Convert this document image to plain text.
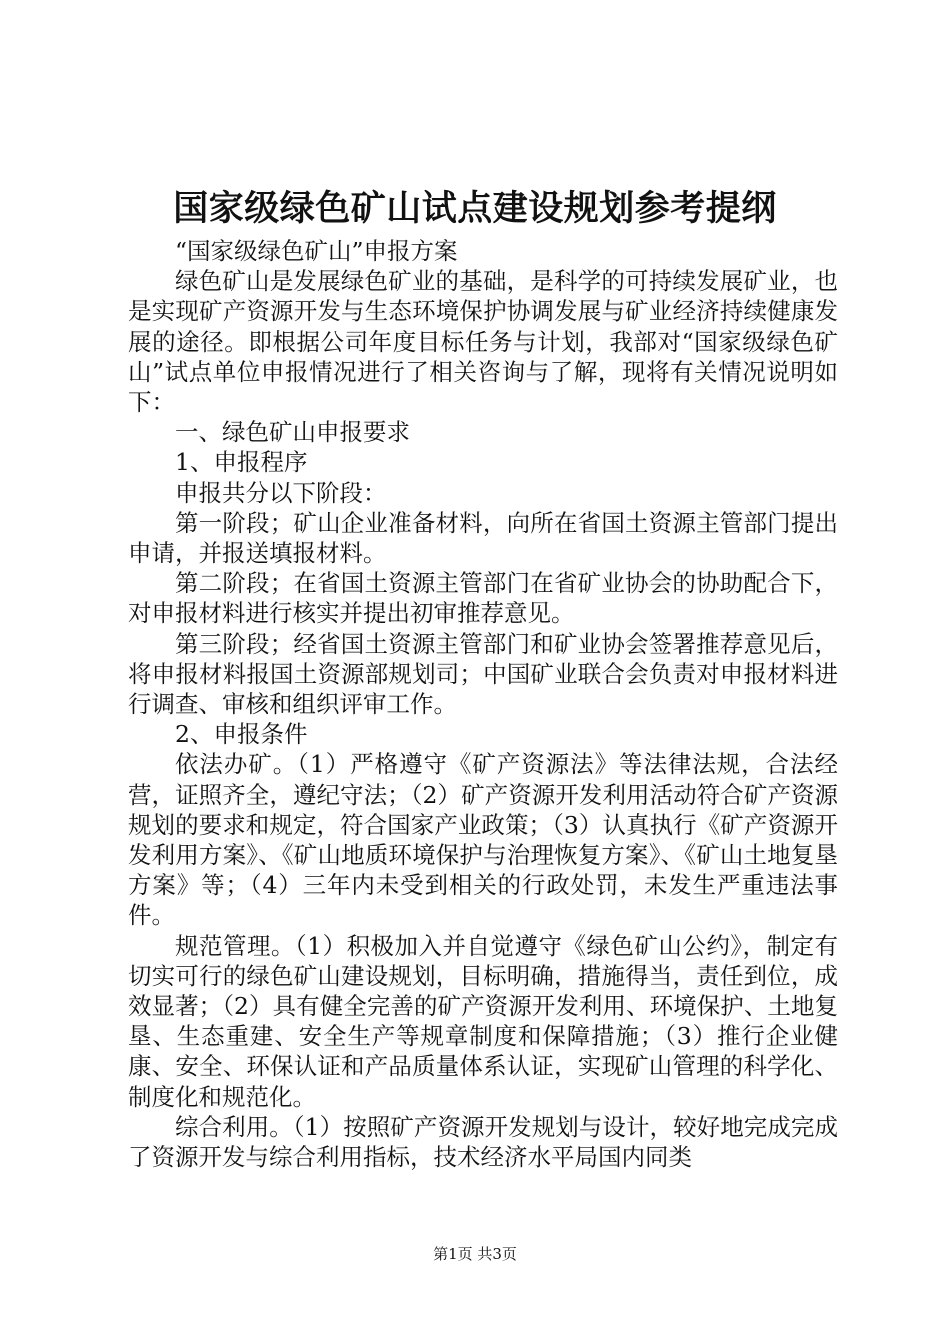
国家级绿色矿山试点建设规划参考提纲

“国家级绿色矿山”申报方案

绿色矿山是发展绿色矿业的基础，是科学的可持续发展矿业，也是实现矿产资源开发与生态环境保护协调发展与矿业经济持续健康发展的途径。即根据公司年度目标任务与计划，我部对“国家级绿色矿山”试点单位申报情况进行了相关咨询与了解，现将有关情况说明如下：

一、绿色矿山申报要求

1、申报程序

申报共分以下阶段：

第一阶段；矿山企业准备材料，向所在省国土资源主管部门提出申请，并报送填报材料。

第二阶段；在省国土资源主管部门在省矿业协会的协助配合下，对申报材料进行核实并提出初审推荐意见。

第三阶段；经省国土资源主管部门和矿业协会签署推荐意见后，将申报材料报国土资源部规划司；中国矿业联合会负责对申报材料进行调查、审核和组织评审工作。

2、申报条件

依法办矿。（1）严格遵守《矿产资源法》等法律法规，合法经营，证照齐全，遵纪守法；（2）矿产资源开发利用活动符合矿产资源规划的要求和规定，符合国家产业政策；（3）认真执行《矿产资源开发利用方案》、《矿山地质环境保护与治理恢复方案》、《矿山土地复垦方案》等；（4）三年内未受到相关的行政处罚，未发生严重违法事件。

规范管理。（1）积极加入并自觉遵守《绿色矿山公约》，制定有切实可行的绿色矿山建设规划，目标明确，措施得当，责任到位，成效显著；（2）具有健全完善的矿产资源开发利用、环境保护、土地复垦、生态重建、安全生产等规章制度和保障措施；（3）推行企业健康、安全、环保认证和产品质量体系认证，实现矿山管理的科学化、制度化和规范化。

综合利用。（1）按照矿产资源开发规划与设计，较好地完成完成了资源开发与综合利用指标，技术经济水平局国内同类

第1页 共3页
